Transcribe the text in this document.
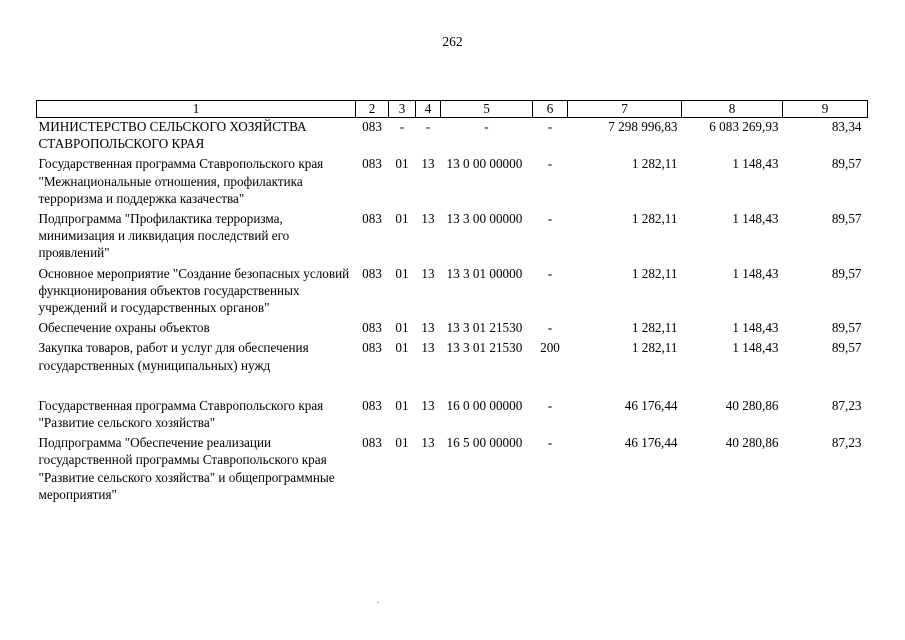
262
1	2	3	4	5	6	7	8	9
МИНИСТЕРСТВО СЕЛЬСКОГО ХОЗЯЙСТВА СТАВРОПОЛЬСКОГО КРАЯ	083	-	-	-	-	7 298 996,83	6 083 269,93	83,34
Государственная программа Ставропольского края "Межнациональные отношения, профилактика терроризма и поддержка казачества"	083	01	13	13 0 00 00000	-	1 282,11	1 148,43	89,57
Подпрограмма "Профилактика терроризма, минимизация и ликвидация последствий его проявлений"	083	01	13	13 3 00 00000	-	1 282,11	1 148,43	89,57
Основное мероприятие "Создание безопасных условий функционирования объектов государственных учреждений и государственных органов"	083	01	13	13 3 01 00000	-	1 282,11	1 148,43	89,57
Обеспечение охраны объектов	083	01	13	13 3 01 21530	-	1 282,11	1 148,43	89,57
Закупка товаров, работ и услуг для обеспечения государственных (муниципальных) нужд	083	01	13	13 3 01 21530	200	1 282,11	1 148,43	89,57

Государственная программа Ставропольского края "Развитие сельского хозяйства"	083	01	13	16 0 00 00000	-	46 176,44	40 280,86	87,23
Подпрограмма "Обеспечение реализации государственной программы Ставропольского края "Развитие сельского хозяйства" и общепрограммные мероприятия"	083	01	13	16 5 00 00000	-	46 176,44	40 280,86	87,23
